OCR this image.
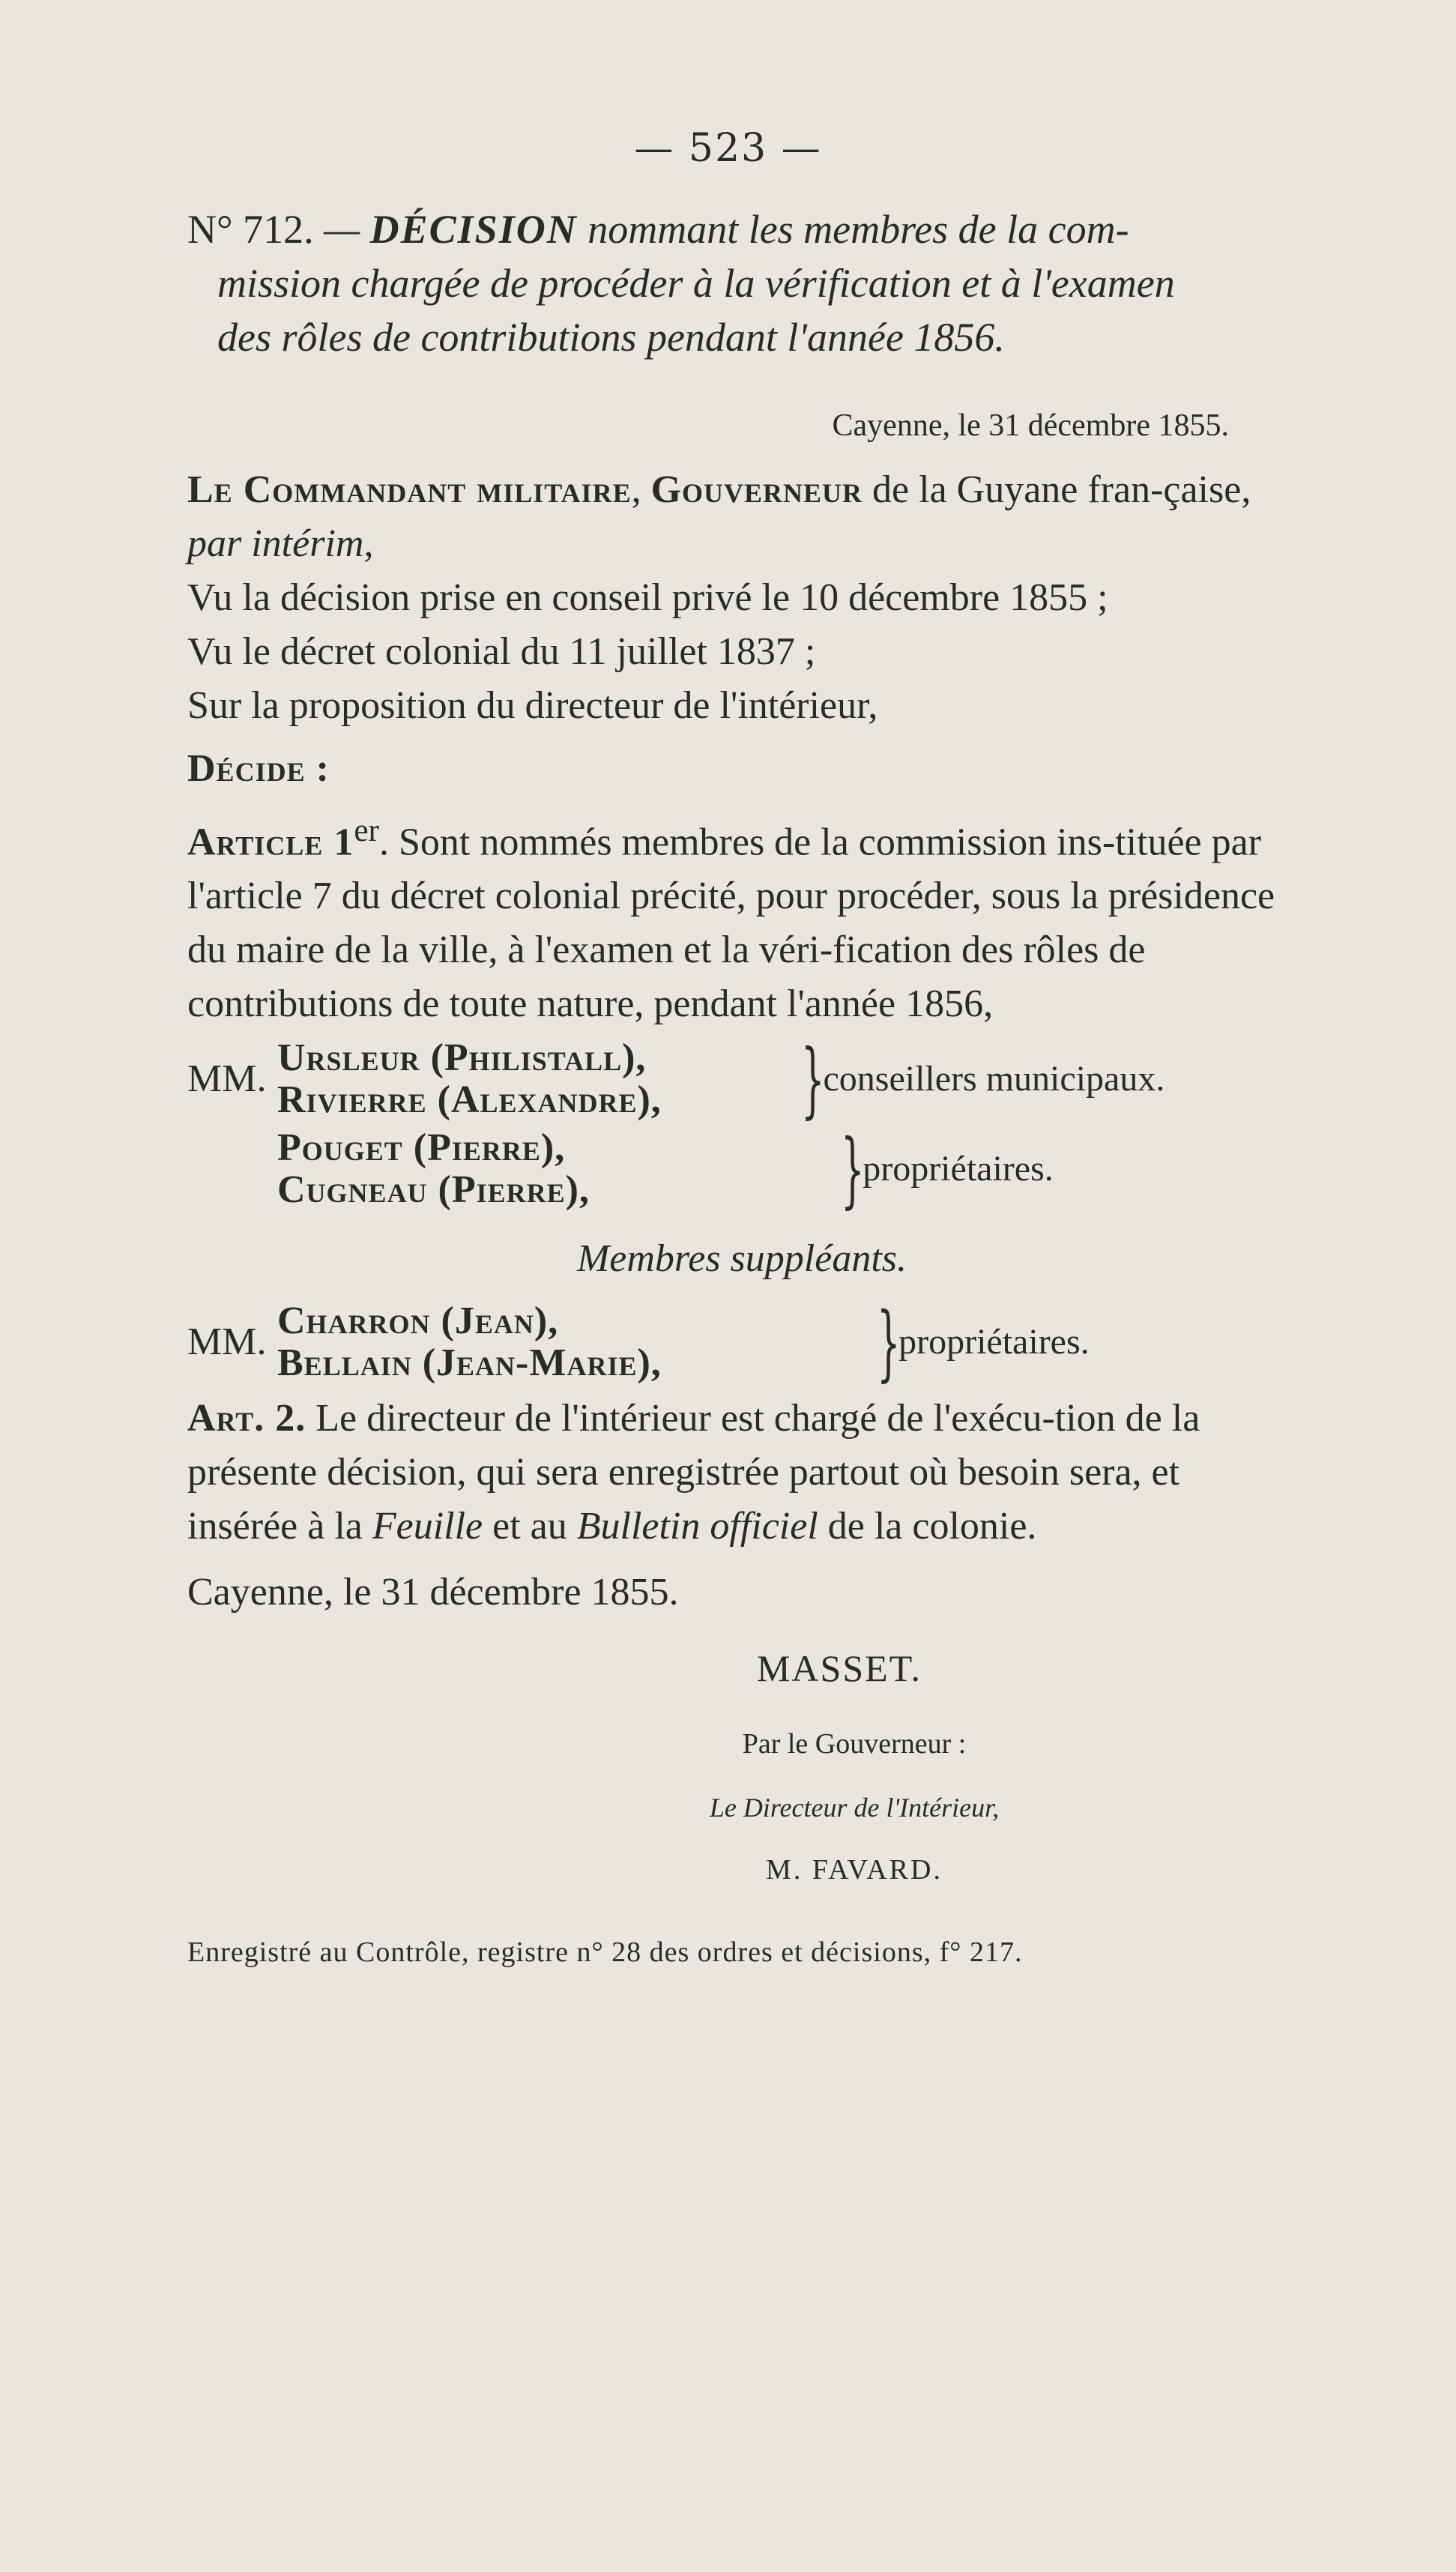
— 523 —

N° 712. — DÉCISION nommant les membres de la com-
mission chargée de procéder à la vérification et à l'examen
des rôles de contributions pendant l'année 1856.

Cayenne, le 31 décembre 1855.

Le Commandant militaire, Gouverneur de la Guyane fran-çaise, par intérim,

Vu la décision prise en conseil privé le 10 décembre 1855 ;

Vu le décret colonial du 11 juillet 1837 ;

Sur la proposition du directeur de l'intérieur,

Décide :

Article 1er. Sont nommés membres de la commission ins-tituée par l'article 7 du décret colonial précité, pour procéder, sous la présidence du maire de la ville, à l'examen et la véri-fication des rôles de contributions de toute nature, pendant l'année 1856,

MM. Ursleur (Philistall),
Rivierre (Alexandre),	}
conseillers municipaux.
Pouget (Pierre),
Cugneau (Pierre),	}
propriétaires.
Membres suppléants.
MM. Charron (Jean),
Bellain (Jean-Marie),	}
propriétaires.

Art. 2. Le directeur de l'intérieur est chargé de l'exécu-tion de la présente décision, qui sera enregistrée partout où besoin sera, et insérée à la Feuille et au Bulletin officiel de la colonie.

Cayenne, le 31 décembre 1855.

MASSET.
Par le Gouverneur :
Le Directeur de l'Intérieur,
M. FAVARD.
Enregistré au Contrôle, registre n° 28 des ordres et décisions, f° 217.
